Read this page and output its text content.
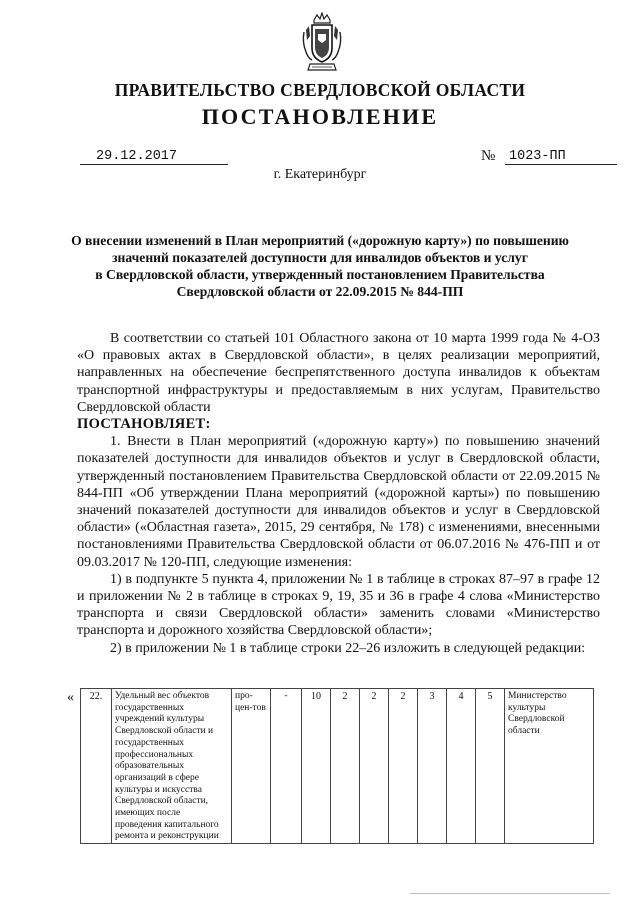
ПРАВИТЕЛЬСТВО СВЕРДЛОВСКОЙ ОБЛАСТИ
ПОСТАНОВЛЕНИЕ
29.12.2017	№ 1023-ПП
г. Екатеринбург
О внесении изменений в План мероприятий («дорожную карту») по повышению
значений показателей доступности для инвалидов объектов и услуг
в Свердловской области, утвержденный постановлением Правительства
Свердловской области от 22.09.2015 № 844-ПП

В соответствии со статьей 101 Областного закона от 10 марта 1999 года № 4-ОЗ «О правовых актах в Свердловской области», в целях реализации мероприятий, направленных на обеспечение беспрепятственного доступа инвалидов к объектам транспортной инфраструктуры и предоставляемым в них услугам, Правительство Свердловской области

ПОСТАНОВЛЯЕТ:

1. Внести в План мероприятий («дорожную карту») по повышению значений показателей доступности для инвалидов объектов и услуг в Свердловской области, утвержденный постановлением Правительства Свердловской области от 22.09.2015 № 844-ПП «Об утверждении Плана мероприятий («дорожной карты») по повышению значений показателей доступности для инвалидов объектов и услуг в Свердловской области» («Областная газета», 2015, 29 сентября, № 178) с изменениями, внесенными постановлениями Правительства Свердловской области от 06.07.2016 № 476-ПП и от 09.03.2017 № 120-ПП, следующие изменения:

1) в подпункте 5 пункта 4, приложении № 1 в таблице в строках 87–97 в графе 12 и приложении № 2 в таблице в строках 9, 19, 35 и 36 в графе 4 слова «Министерство транспорта и связи Свердловской области» заменить словами «Министерство транспорта и дорожного хозяйства Свердловской области»;

2) в приложении № 1 в таблице строки 22–26 изложить в следующей редакции:

« 22.	Удельный вес объектов государственных учреждений культуры Свердловской области и государственных профессиональных образовательных организаций в сфере культуры и искусства Свердловской области, имеющих после проведения капитального ремонта и реконструкции	про-цен-тов	-	10	2	2	2	3	4	5	Министерство культуры Свердловской области
